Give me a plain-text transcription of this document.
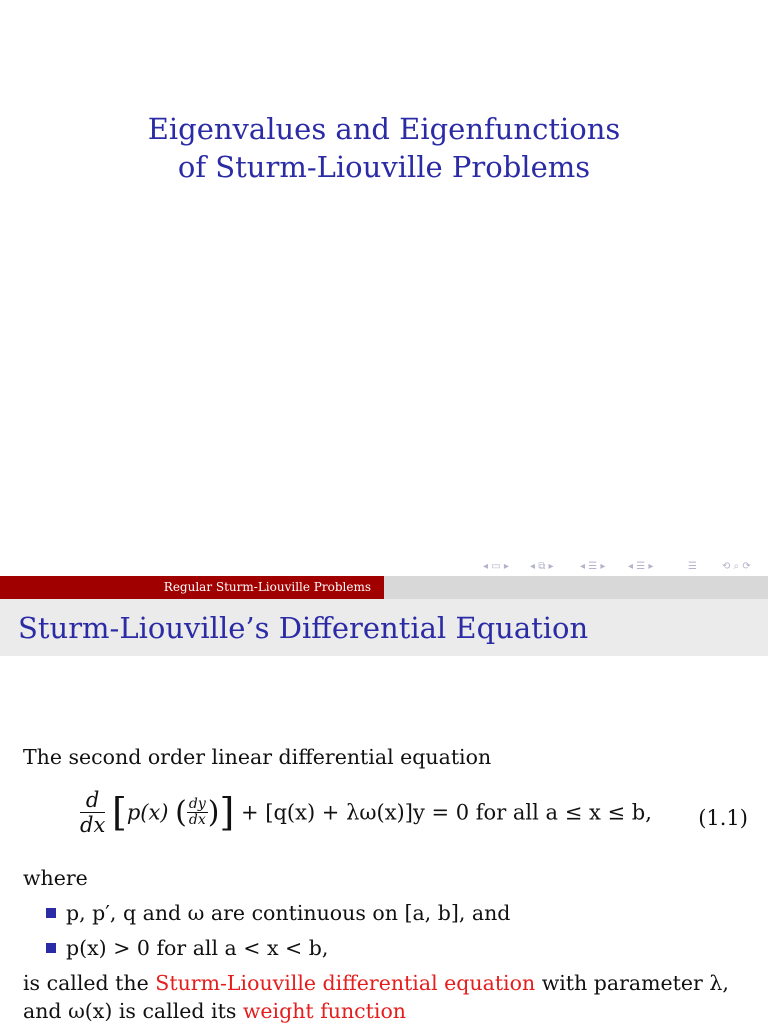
Eigenvalues and Eigenfunctions
of Sturm-Liouville Problems
◂ ▭ ▸ ◂ ⧉ ▸	◂ ☰ ▸ ◂ ☰ ▸	☰	⟲ ⌕ ⟳
Regular Sturm-Liouville Problems
Sturm-Liouville’s Differential Equation
The second order linear differential equation
$\frac{d}{dx} [p(x)$ ( $\frac{dy}{dx}$ )] + [q(x) + λω(x)]y = 0 for all a ≤ x ≤ b, (1.1)
where
p, p′, q and ω are continuous on [a, b], and
p(x) > 0 for all a < x < b,
is called the Sturm-Liouville differential equation with parameter λ,
and ω(x) is called its weight function
